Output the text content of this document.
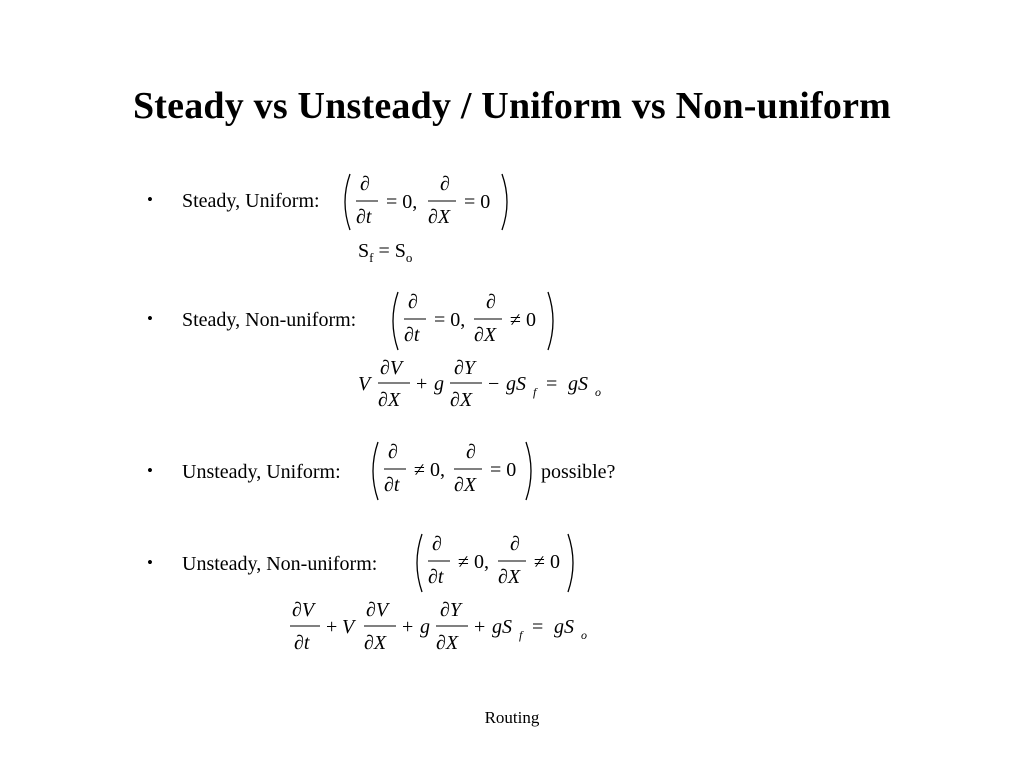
Steady vs Unsteady / Uniform vs Non-uniform
• Steady, Uniform:
∂
∂t
= 0,
∂
∂X
= 0
$S_f = S_o$
• Steady, Non-uniform:
∂
∂t
= 0,
∂
∂X
≠ 0
V
∂V
∂X
+ g
∂Y
∂X
− gS f = gS o
• Unsteady, Uniform:
∂
∂t
≠ 0,
∂
∂X
= 0 possible?
• Unsteady, Non-uniform:
∂
∂t
≠ 0,
∂
∂X
≠ 0
∂V
∂t
+ V
∂V
∂X
+ g
∂Y
∂X
+ gS f = gS o
Routing
